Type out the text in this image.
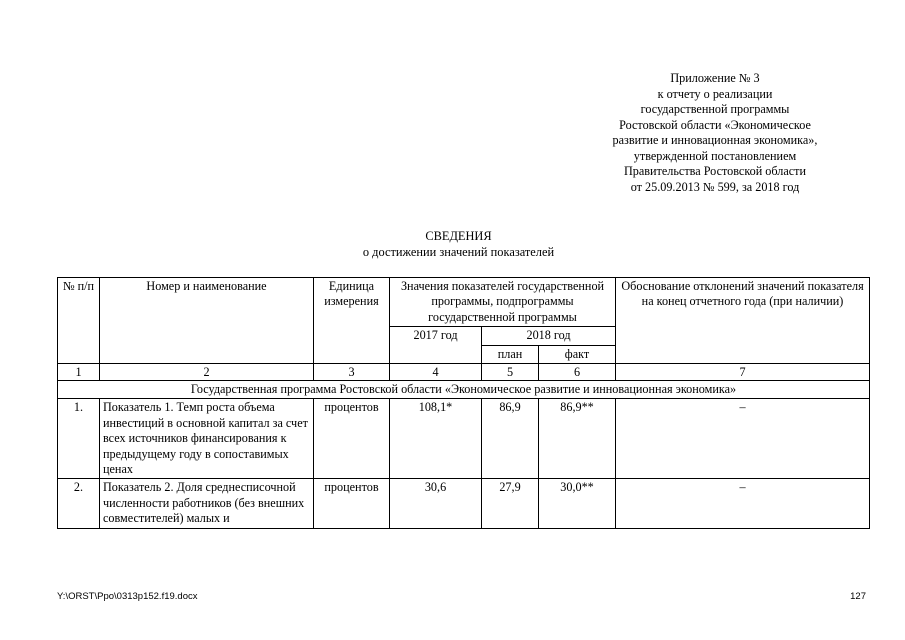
Приложение № 3
к отчету о реализации
государственной программы
Ростовской области «Экономическое
развитие и инновационная экономика»,
утвержденной постановлением
Правительства Ростовской области
от 25.09.2013 № 599, за 2018 год
СВЕДЕНИЯ
о достижении значений показателей
№ п/п	Номер и наименование	Единица измерения	Значения показателей государственной программы, подпрограммы государственной программы			Обоснование отклонений значений показателя на конец отчетного года (при наличии)
			2017 год	2018 год		
				план	факт	
1	2	3	4	5	6	7
Государственная программа Ростовской области «Экономическое развитие и инновационная экономика»						
1.	Показатель 1. Темп роста объема инвестиций в основной капитал за счет всех источников финансирования к предыдущему году в сопоставимых ценах	процентов	108,1*	86,9	86,9**	–
2.	Показатель 2. Доля среднесписочной численности работников (без внешних совместителей) малых и	процентов	30,6	27,9	30,0**	–
Y:\ORST\Ppo\0313p152.f19.docx	127
